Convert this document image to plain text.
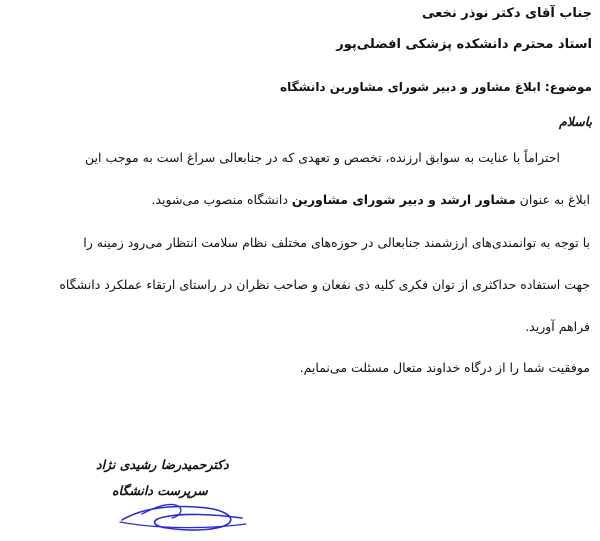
جناب آقای دکتر نوذر نخعی
استاد محترم دانشکده پزشکی افضلی‌پور
موضوع: ابلاغ مشاور و دبیر شورای مشاورین دانشگاه
باسلام
احتراماً با عنایت به سوابق ارزنده، تخصص و تعهدی که در جنابعالی سراغ است به موجب این
ابلاغ به عنوان مشاور ارشد و دبیر شورای مشاورین دانشگاه منصوب می‌شوید.
با توجه به توانمندی‌های ارزشمند جنابعالی در حوزه‌های مختلف نظام سلامت انتظار می‌رود زمینه را
جهت استفاده حداکثری از توان فکری کلیه ذی نفعان و صاحب نظران در راستای ارتقاء عملکرد دانشگاه
فراهم آورید.
موفقیت شما را از درگاه خداوند متعال مسئلت می‌نمایم.
دکترحمیدرضا رشیدی نژاد
سرپرست دانشگاه
